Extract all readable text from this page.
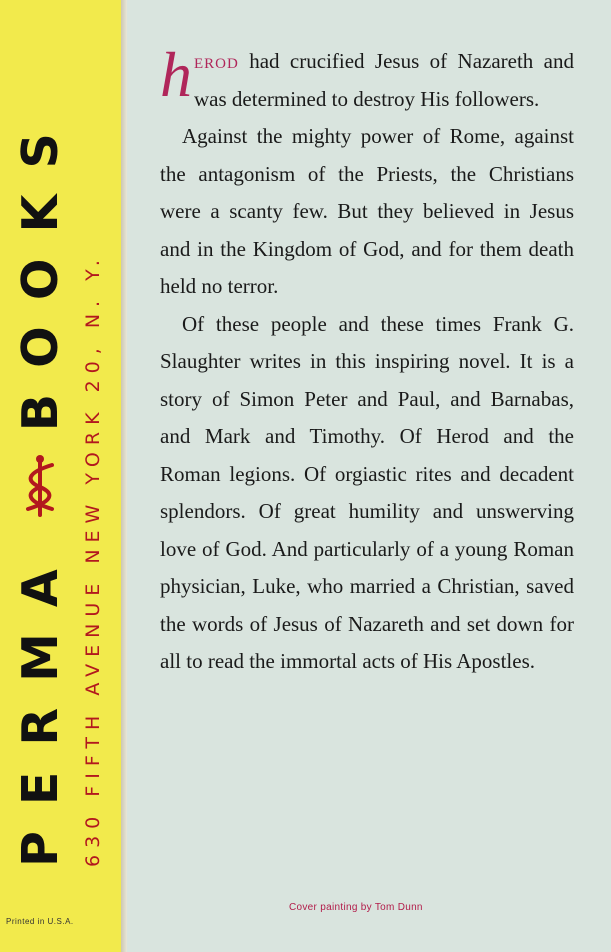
PERMA
BOOKS 630 FIFTH AVENUE NEW YORK 20, N. Y.
Printed in U.S.A.

herod had crucified Jesus of Nazareth and was determined to destroy His followers.

Against the mighty power of Rome, against the antagonism of the Priests, the Christians were a scanty few. But they believed in Jesus and in the Kingdom of God, and for them death held no terror.

Of these people and these times Frank G. Slaughter writes in this inspiring novel. It is a story of Simon Peter and Paul, and Barnabas, and Mark and Timothy. Of Herod and the Roman legions. Of orgiastic rites and decadent splendors. Of great humility and unswerving love of God. And particularly of a young Roman physician, Luke, who married a Christian, saved the words of Jesus of Nazareth and set down for all to read the immortal acts of His Apostles.

Cover painting by Tom Dunn
